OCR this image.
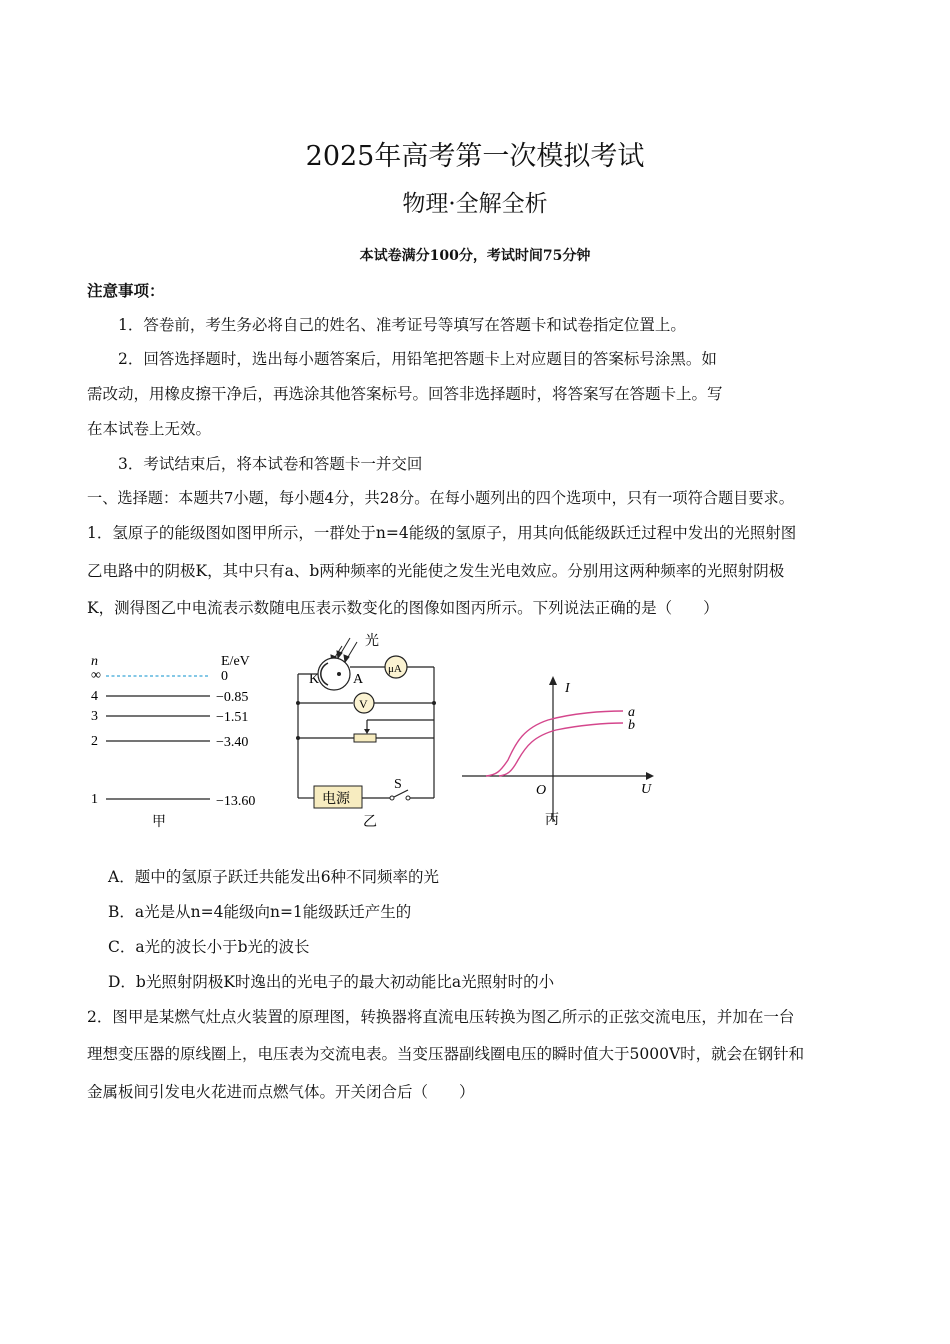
2025年高考第一次模拟考试
物理·全解全析
本试卷满分100分，考试时间75分钟
注意事项：
1．答卷前，考生务必将自己的姓名、准考证号等填写在答题卡和试卷指定位置上。
2．回答选择题时，选出每小题答案后，用铅笔把答题卡上对应题目的答案标号涂黑。如
需改动，用橡皮擦干净后，再选涂其他答案标号。回答非选择题时，将答案写在答题卡上。写
在本试卷上无效。
3．考试结束后，将本试卷和答题卡一并交回
一、选择题：本题共7小题，每小题4分，共28分。在每小题列出的四个选项中，只有一项符合题目要求。
1．氢原子的能级图如图甲所示，一群处于n=4能级的氢原子，用其向低能级跃迁过程中发出的光照射图
乙电路中的阴极K，其中只有a、b两种频率的光能使之发生光电效应。分别用这两种频率的光照射阴极
K，测得图乙中电流表示数随电压表示数变化的图像如图丙所示。下列说法正确的是（　　）
n	E/eV
∞	0
4	−0.85
3	−1.51
2	−3.40
1	−13.60
甲
光
K A
μA
V
电源
S
乙
I
U
O
a
b
丙
A．题中的氢原子跃迁共能发出6种不同频率的光
B．a光是从n=4能级向n=1能级跃迁产生的
C．a光的波长小于b光的波长
D．b光照射阴极K时逸出的光电子的最大初动能比a光照射时的小
2．图甲是某燃气灶点火装置的原理图，转换器将直流电压转换为图乙所示的正弦交流电压，并加在一台
理想变压器的原线圈上，电压表为交流电表。当变压器副线圈电压的瞬时值大于5000V时，就会在钢针和
金属板间引发电火花进而点燃气体。开关闭合后（　　）
